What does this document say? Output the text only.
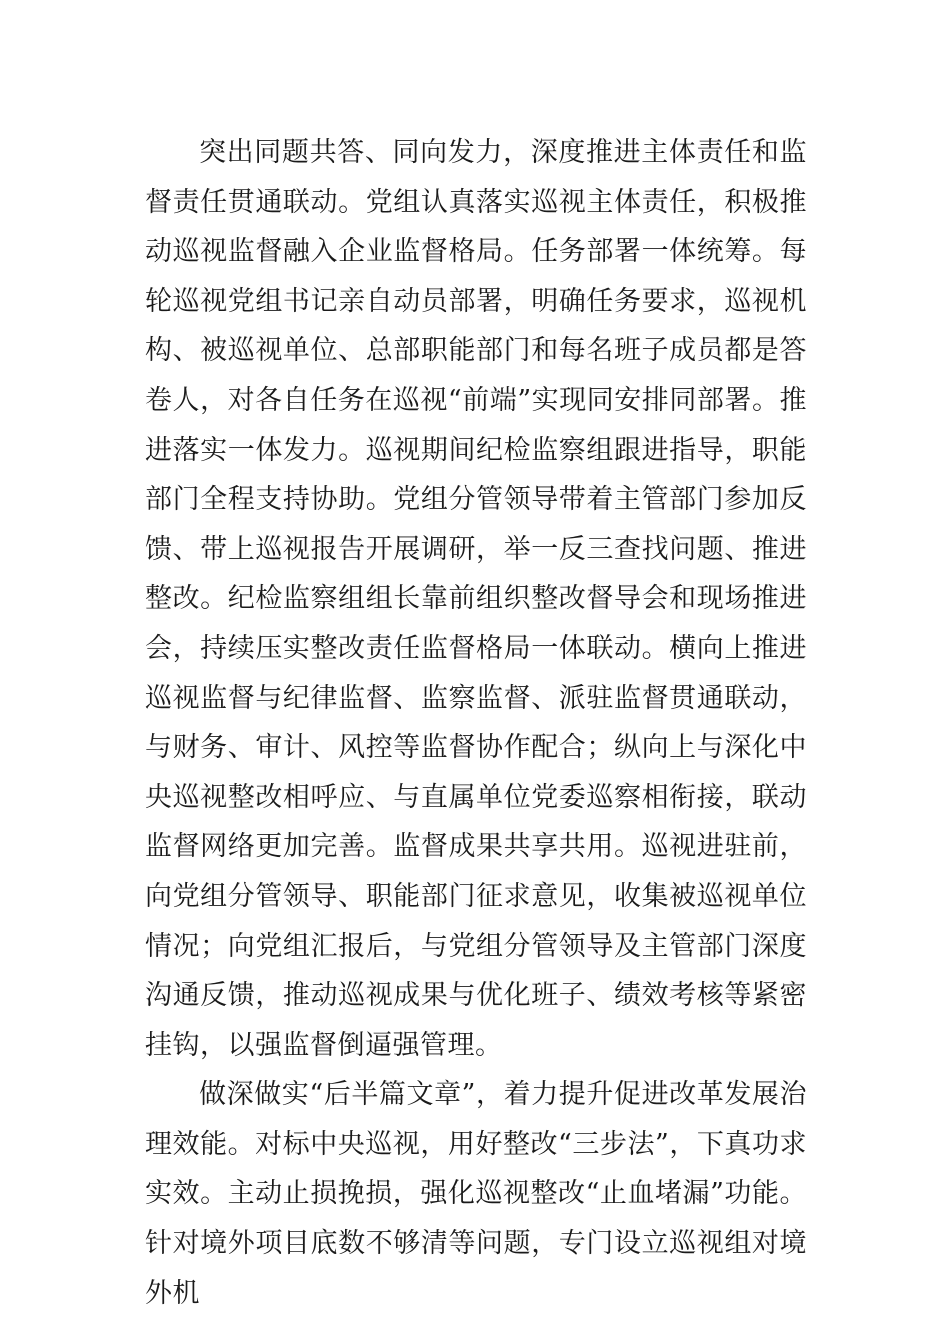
突出同题共答、同向发力，深度推进主体责任和监督责任贯通联动。党组认真落实巡视主体责任，积极推动巡视监督融入企业监督格局。任务部署一体统筹。每轮巡视党组书记亲自动员部署，明确任务要求，巡视机构、被巡视单位、总部职能部门和每名班子成员都是答卷人，对各自任务在巡视“前端”实现同安排同部署。推进落实一体发力。巡视期间纪检监察组跟进指导，职能部门全程支持协助。党组分管领导带着主管部门参加反馈、带上巡视报告开展调研，举一反三查找问题、推进整改。纪检监察组组长靠前组织整改督导会和现场推进会，持续压实整改责任监督格局一体联动。横向上推进巡视监督与纪律监督、监察监督、派驻监督贯通联动，与财务、审计、风控等监督协作配合；纵向上与深化中央巡视整改相呼应、与直属单位党委巡察相衔接，联动监督网络更加完善。监督成果共享共用。巡视进驻前，向党组分管领导、职能部门征求意见，收集被巡视单位情况；向党组汇报后，与党组分管领导及主管部门深度沟通反馈，推动巡视成果与优化班子、绩效考核等紧密挂钩，以强监督倒逼强管理。

做深做实“后半篇文章”，着力提升促进改革发展治理效能。对标中央巡视，用好整改“三步法”，下真功求实效。主动止损挽损，强化巡视整改“止血堵漏”功能。针对境外项目底数不够清等问题，专门设立巡视组对境外机
